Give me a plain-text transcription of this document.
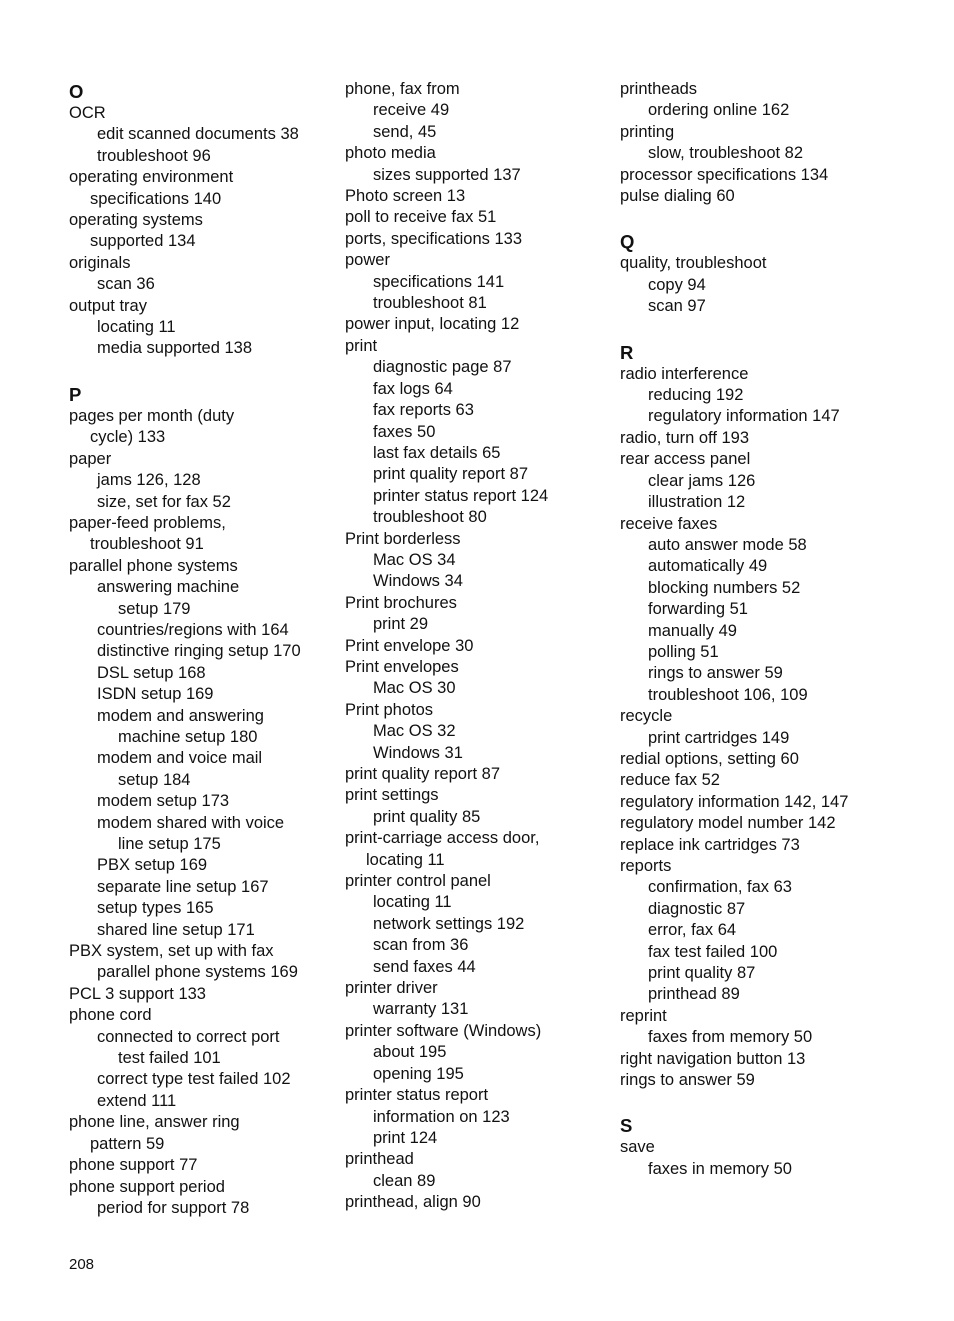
O
OCR
edit scanned documents 38
troubleshoot 96
operating environment
specifications 140
operating systems
supported 134
originals
scan 36
output tray
locating 11
media supported 138
P
pages per month (duty
cycle) 133
paper
jams 126, 128
size, set for fax 52
paper-feed problems,
troubleshoot 91
parallel phone systems
answering machine
setup 179
countries/regions with 164
distinctive ringing setup 170
DSL setup 168
ISDN setup 169
modem and answering
machine setup 180
modem and voice mail
setup 184
modem setup 173
modem shared with voice
line setup 175
PBX setup 169
separate line setup 167
setup types 165
shared line setup 171
PBX system, set up with fax
parallel phone systems 169
PCL 3 support 133
phone cord
connected to correct port
test failed 101
correct type test failed 102
extend 111
phone line, answer ring
pattern 59
phone support 77
phone support period
period for support 78
phone, fax from
receive 49
send, 45
photo media
sizes supported 137
Photo screen 13
poll to receive fax 51
ports, specifications 133
power
specifications 141
troubleshoot 81
power input, locating 12
print
diagnostic page 87
fax logs 64
fax reports 63
faxes 50
last fax details 65
print quality report 87
printer status report 124
troubleshoot 80
Print borderless
Mac OS 34
Windows 34
Print brochures
print 29
Print envelope 30
Print envelopes
Mac OS 30
Print photos
Mac OS 32
Windows 31
print quality report 87
print settings
print quality 85
print-carriage access door,
locating 11
printer control panel
locating 11
network settings 192
scan from 36
send faxes 44
printer driver
warranty 131
printer software (Windows)
about 195
opening 195
printer status report
information on 123
print 124
printhead
clean 89
printhead, align 90
printheads
ordering online 162
printing
slow, troubleshoot 82
processor specifications 134
pulse dialing 60
Q
quality, troubleshoot
copy 94
scan 97
R
radio interference
reducing 192
regulatory information 147
radio, turn off 193
rear access panel
clear jams 126
illustration 12
receive faxes
auto answer mode 58
automatically 49
blocking numbers 52
forwarding 51
manually 49
polling 51
rings to answer 59
troubleshoot 106, 109
recycle
print cartridges 149
redial options, setting 60
reduce fax 52
regulatory information 142, 147
regulatory model number 142
replace ink cartridges 73
reports
confirmation, fax 63
diagnostic 87
error, fax 64
fax test failed 100
print quality 87
printhead 89
reprint
faxes from memory 50
right navigation button 13
rings to answer 59
S
save
faxes in memory 50
208
